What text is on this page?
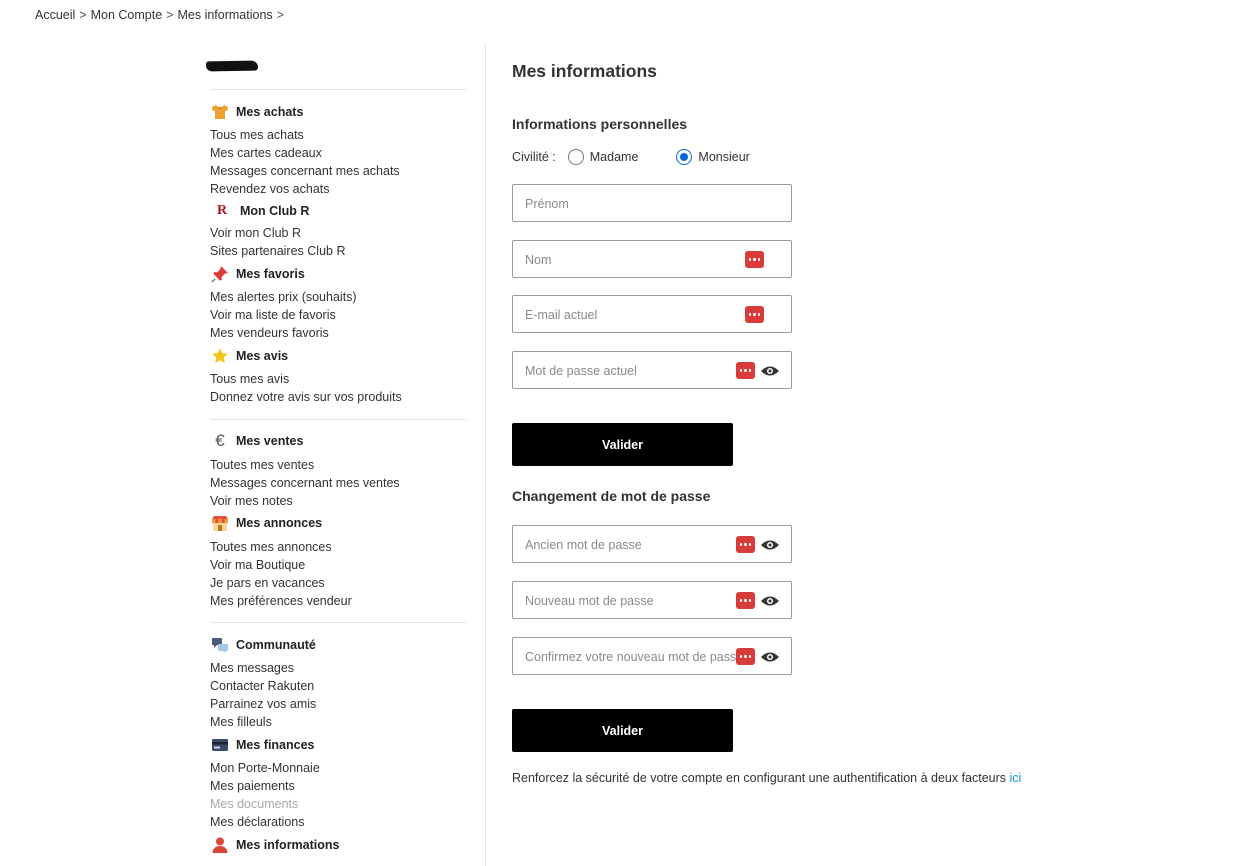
Accueil > Mon Compte > Mes informations >
Mes achats
Tous mes achats
Mes cartes cadeaux
Messages concernant mes achats
Revendez vos achats
R Mon Club R
Voir mon Club R
Sites partenaires Club R
Mes favoris
Mes alertes prix (souhaits)
Voir ma liste de favoris
Mes vendeurs favoris
Mes avis
Tous mes avis
Donnez votre avis sur vos produits
€ Mes ventes
Toutes mes ventes
Messages concernant mes ventes
Voir mes notes
Mes annonces
Toutes mes annonces
Voir ma Boutique
Je pars en vacances
Mes préférences vendeur
Communauté
Mes messages
Contacter Rakuten
Parrainez vos amis
Mes filleuls
Mes finances
Mon Porte-Monnaie
Mes paiements
Mes documents
Mes déclarations
Mes informations
Mes informations
Informations personnelles
Civilité :	Madame	Monsieur
Prénom
Nom
E-mail actuel
Valider
Changement de mot de passe
Valider
Renforcez la sécurité de votre compte en configurant une authentification à deux facteurs ici
